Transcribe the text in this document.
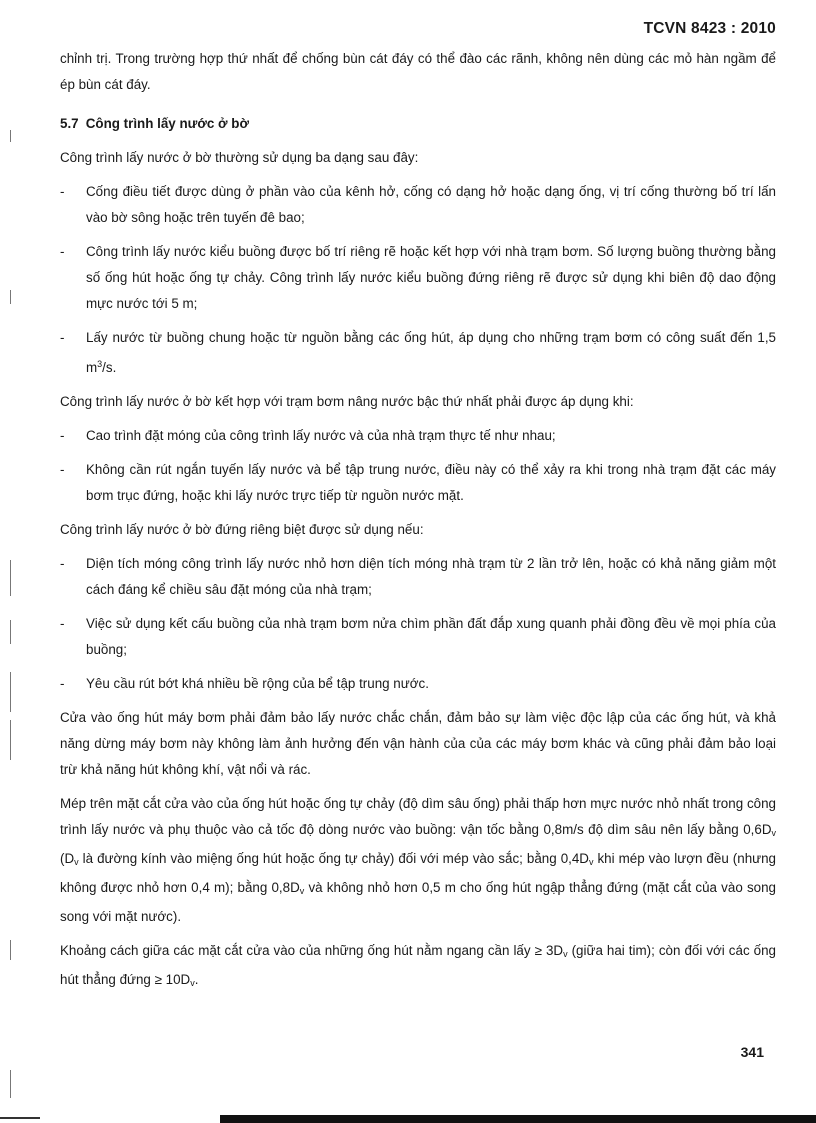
TCVN 8423 : 2010

chỉnh trị. Trong trường hợp thứ nhất để chống bùn cát đáy có thể đào các rãnh, không nên dùng các mỏ hàn ngầm để ép bùn cát đáy.

5.7 Công trình lấy nước ở bờ

Công trình lấy nước ở bờ thường sử dụng ba dạng sau đây:

- Cống điều tiết được dùng ở phần vào của kênh hở, cống có dạng hở hoặc dạng ống, vị trí cống thường bố trí lấn vào bờ sông hoặc trên tuyến đê bao;
- Công trình lấy nước kiểu buồng được bố trí riêng rẽ hoặc kết hợp với nhà trạm bơm. Số lượng buồng thường bằng số ống hút hoặc ống tự chảy. Công trình lấy nước kiểu buồng đứng riêng rẽ được sử dụng khi biên độ dao động mực nước tới 5 m;
- Lấy nước từ buồng chung hoặc từ nguồn bằng các ống hút, áp dụng cho những trạm bơm có công suất đến 1,5 $m^3/s$.

Công trình lấy nước ở bờ kết hợp với trạm bơm nâng nước bậc thứ nhất phải được áp dụng khi:

- Cao trình đặt móng của công trình lấy nước và của nhà trạm thực tế như nhau;
- Không cần rút ngắn tuyến lấy nước và bể tập trung nước, điều này có thể xảy ra khi trong nhà trạm đặt các máy bơm trục đứng, hoặc khi lấy nước trực tiếp từ nguồn nước mặt.

Công trình lấy nước ở bờ đứng riêng biệt được sử dụng nếu:

- Diện tích móng công trình lấy nước nhỏ hơn diện tích móng nhà trạm từ 2 lần trở lên, hoặc có khả năng giảm một cách đáng kể chiều sâu đặt móng của nhà trạm;
- Việc sử dụng kết cấu buồng của nhà trạm bơm nửa chìm phần đất đắp xung quanh phải đồng đều về mọi phía của buồng;
- Yêu cầu rút bớt khá nhiều bề rộng của bể tập trung nước.

Cửa vào ống hút máy bơm phải đảm bảo lấy nước chắc chắn, đảm bảo sự làm việc độc lập của các ống hút, và khả năng dừng máy bơm này không làm ảnh hưởng đến vận hành của của các máy bơm khác và cũng phải đảm bảo loại trừ khả năng hút không khí, vật nổi và rác.

Mép trên mặt cắt cửa vào của ống hút hoặc ống tự chảy (độ dìm sâu ống) phải thấp hơn mực nước nhỏ nhất trong công trình lấy nước và phụ thuộc vào cả tốc độ dòng nước vào buồng: vận tốc bằng 0,8m/s độ dìm sâu nên lấy bằng $0,6D_v$ ($D_v$ là đường kính vào miệng ống hút hoặc ống tự chảy) đối với mép vào sắc; bằng $0,4D_v$ khi mép vào lượn đều (nhưng không được nhỏ hơn 0,4 m); bằng $0,8D_v$ và không nhỏ hơn 0,5 m cho ống hút ngập thẳng đứng (mặt cắt của vào song song với mặt nước).

Khoảng cách giữa các mặt cắt cửa vào của những ống hút nằm ngang cần lấy ≥ $3D_v$ (giữa hai tim); còn đối với các ống hút thẳng đứng ≥ $10D_v$.

341
